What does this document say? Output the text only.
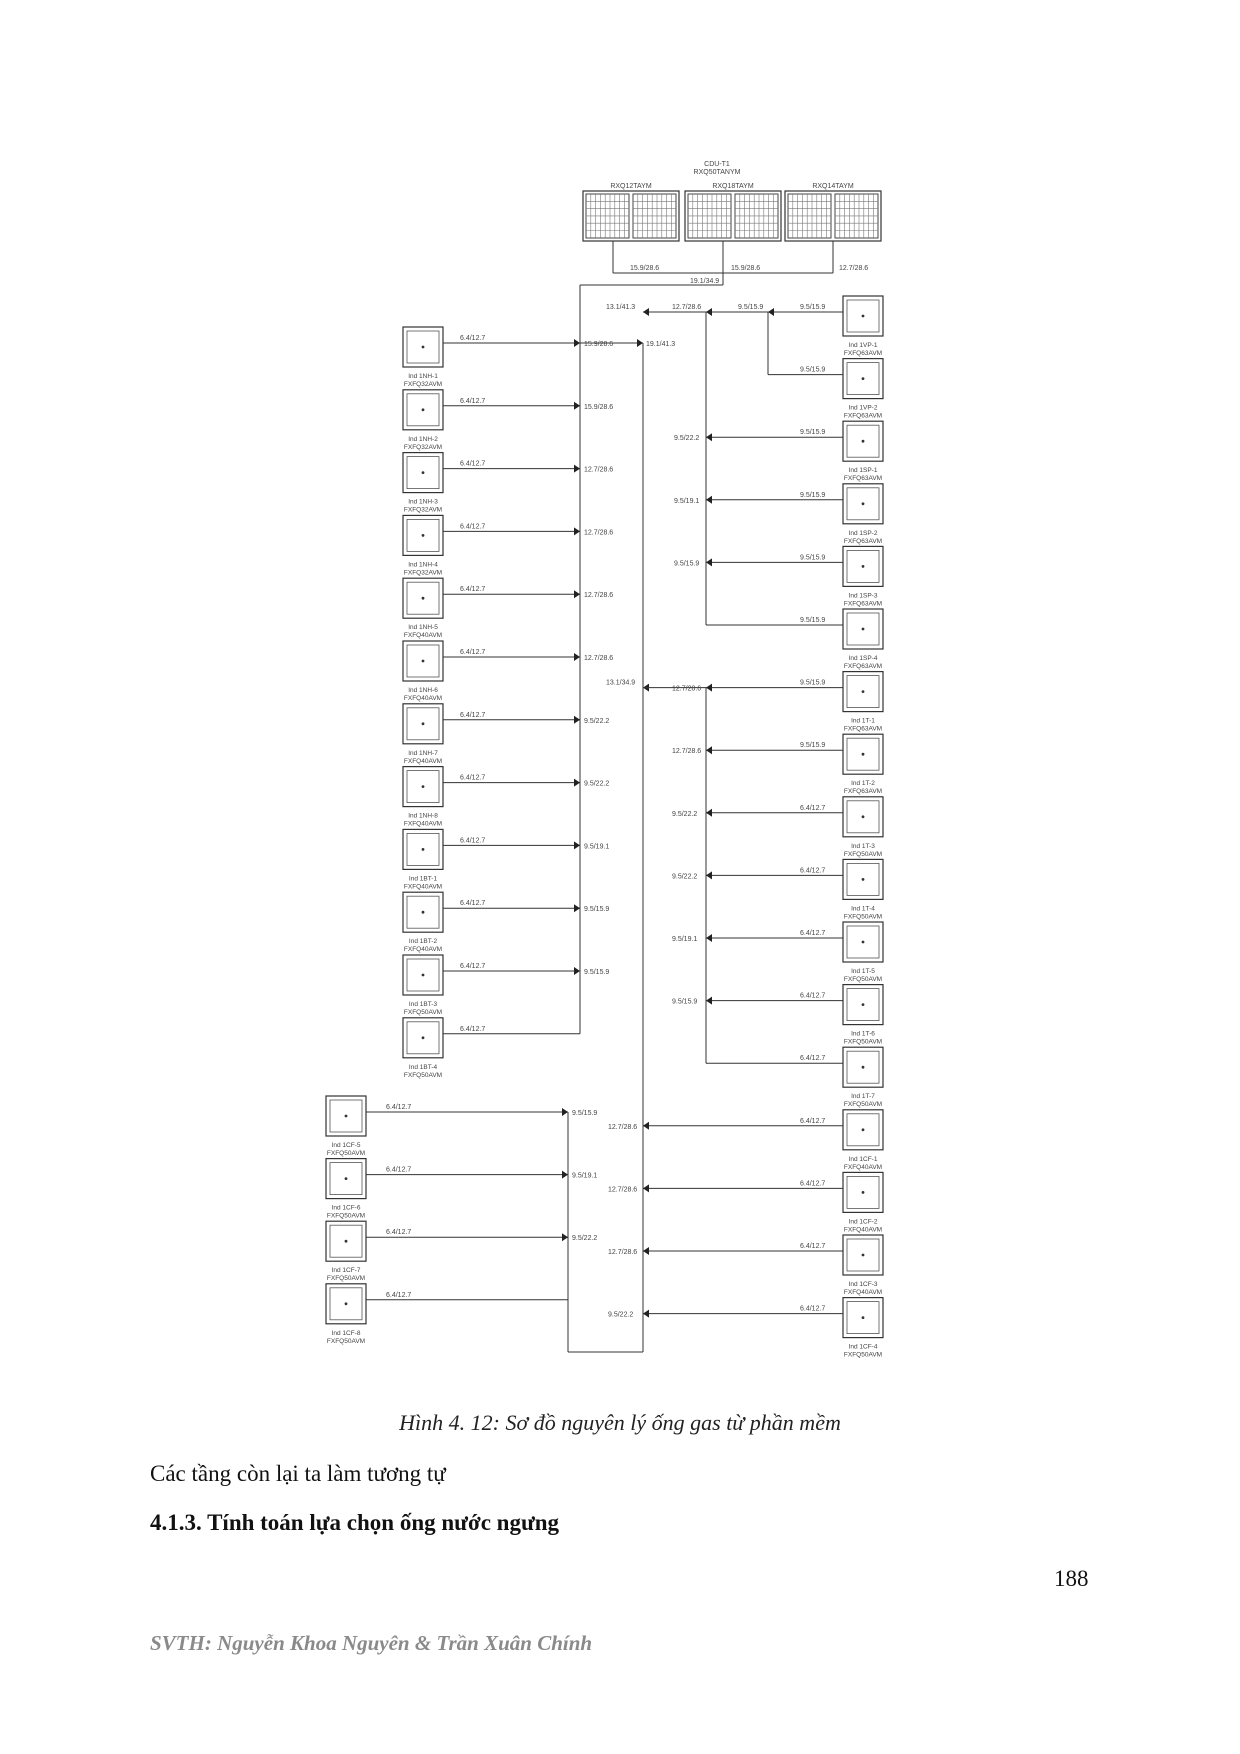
CDU-T1
RXQ50TANYM
RXQ12TAYM	RXQ18TAYM	RXQ14TAYM
Ind 1NH-1
FXFQ32AVM
Ind 1NH-2
FXFQ32AVM
Ind 1NH-3
FXFQ32AVM
Ind 1NH-4
FXFQ32AVM
Ind 1NH-5
FXFQ40AVM
Ind 1NH-6
FXFQ40AVM
Ind 1NH-7
FXFQ40AVM
Ind 1NH-8
FXFQ40AVM
Ind 1BT-1
FXFQ40AVM
Ind 1BT-2
FXFQ40AVM
Ind 1BT-3
FXFQ50AVM
Ind 1BT-4
FXFQ50AVM
Ind 1VP-1
FXFQ63AVM
Ind 1VP-2
FXFQ63AVM
Ind 1SP-1
FXFQ63AVM
Ind 1SP-2
FXFQ63AVM
Ind 1SP-3
FXFQ63AVM
Ind 1SP-4
FXFQ63AVM
Ind 1T-1
FXFQ63AVM
Ind 1T-2
FXFQ63AVM
Ind 1T-3
FXFQ50AVM
Ind 1T-4
FXFQ50AVM
Ind 1T-5
FXFQ50AVM
Ind 1T-6
FXFQ50AVM
Ind 1T-7
FXFQ50AVM
Ind 1CF-1
FXFQ40AVM
Ind 1CF-2
FXFQ40AVM
Ind 1CF-3
FXFQ40AVM
Ind 1CF-4
FXFQ50AVM
Ind 1CF-5
FXFQ50AVM
Ind 1CF-6
FXFQ50AVM
Ind 1CF-7
FXFQ50AVM
Ind 1CF-8
FXFQ50AVM
15.9/28.6	15.9/28.6	12.7/28.6
19.1/34.9
6.4/12.7
15.9/28.6
6.4/12.7
15.9/28.6
6.4/12.7
12.7/28.6
6.4/12.7
12.7/28.6
6.4/12.7
12.7/28.6
6.4/12.7
12.7/28.6
6.4/12.7
9.5/22.2
6.4/12.7
9.5/22.2
6.4/12.7
9.5/19.1
6.4/12.7
9.5/15.9
6.4/12.7
9.5/15.9
6.4/12.7
19.1/41.3
13.1/41.3	12.7/28.6	9.5/15.9	9.5/15.9
9.5/15.9
9.5/15.9
9.5/22.2
9.5/15.9
9.5/19.1
9.5/15.9
9.5/15.9
9.5/15.9
9.5/15.9
12.7/28.6
9.5/15.9
12.7/28.6
6.4/12.7
9.5/22.2
6.4/12.7
9.5/22.2
6.4/12.7
9.5/19.1
6.4/12.7
9.5/15.9
6.4/12.7
6.4/12.7
12.7/28.6
6.4/12.7
12.7/28.6
6.4/12.7
12.7/28.6
6.4/12.7
9.5/22.2
13.1/34.9
6.4/12.7
9.5/15.9
6.4/12.7
9.5/19.1
6.4/12.7
9.5/22.2
6.4/12.7
Hình 4. 12: Sơ đồ nguyên lý ống gas từ phần mềm
Các tầng còn lại ta làm tương tự
4.1.3. Tính toán lựa chọn ống nước ngưng
188
SVTH: Nguyễn Khoa Nguyên & Trần Xuân Chính
